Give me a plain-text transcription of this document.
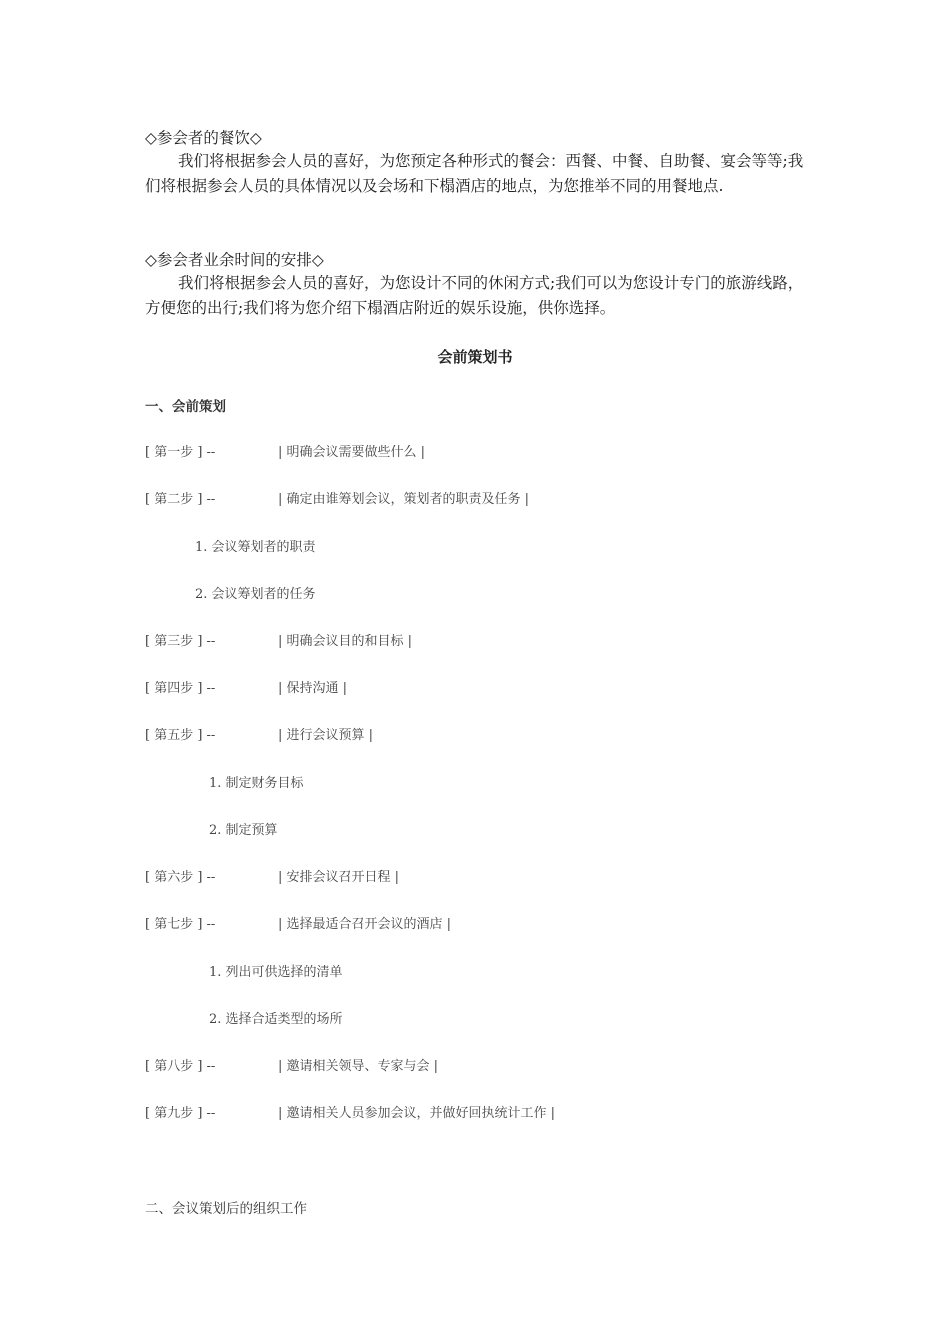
◇参会者的餐饮◇
我们将根据参会人员的喜好，为您预定各种形式的餐会：西餐、中餐、自助餐、宴会等等;我们将根据参会人员的具体情况以及会场和下榻酒店的地点，为您推举不同的用餐地点.
◇参会者业余时间的安排◇
我们将根据参会人员的喜好，为您设计不同的休闲方式;我们可以为您设计专门的旅游线路，方便您的出行;我们将为您介绍下榻酒店附近的娱乐设施，供你选择。
会前策划书
一、会前策划
[ 第一步 ] --	| 明确会议需要做些什么 |
[ 第二步 ] --	| 确定由谁筹划会议，策划者的职责及任务 |
1. 会议筹划者的职责
2. 会议筹划者的任务
[ 第三步 ] --	| 明确会议目的和目标 |
[ 第四步 ] --	| 保持沟通 |
[ 第五步 ] --	| 进行会议预算 |
1. 制定财务目标
2. 制定预算
[ 第六步 ] --	| 安排会议召开日程 |
[ 第七步 ] --	| 选择最适合召开会议的酒店 |
1. 列出可供选择的清单
2. 选择合适类型的场所
[ 第八步 ] --	| 邀请相关领导、专家与会 |
[ 第九步 ] --	| 邀请相关人员参加会议，并做好回执统计工作 |
二、会议策划后的组织工作
